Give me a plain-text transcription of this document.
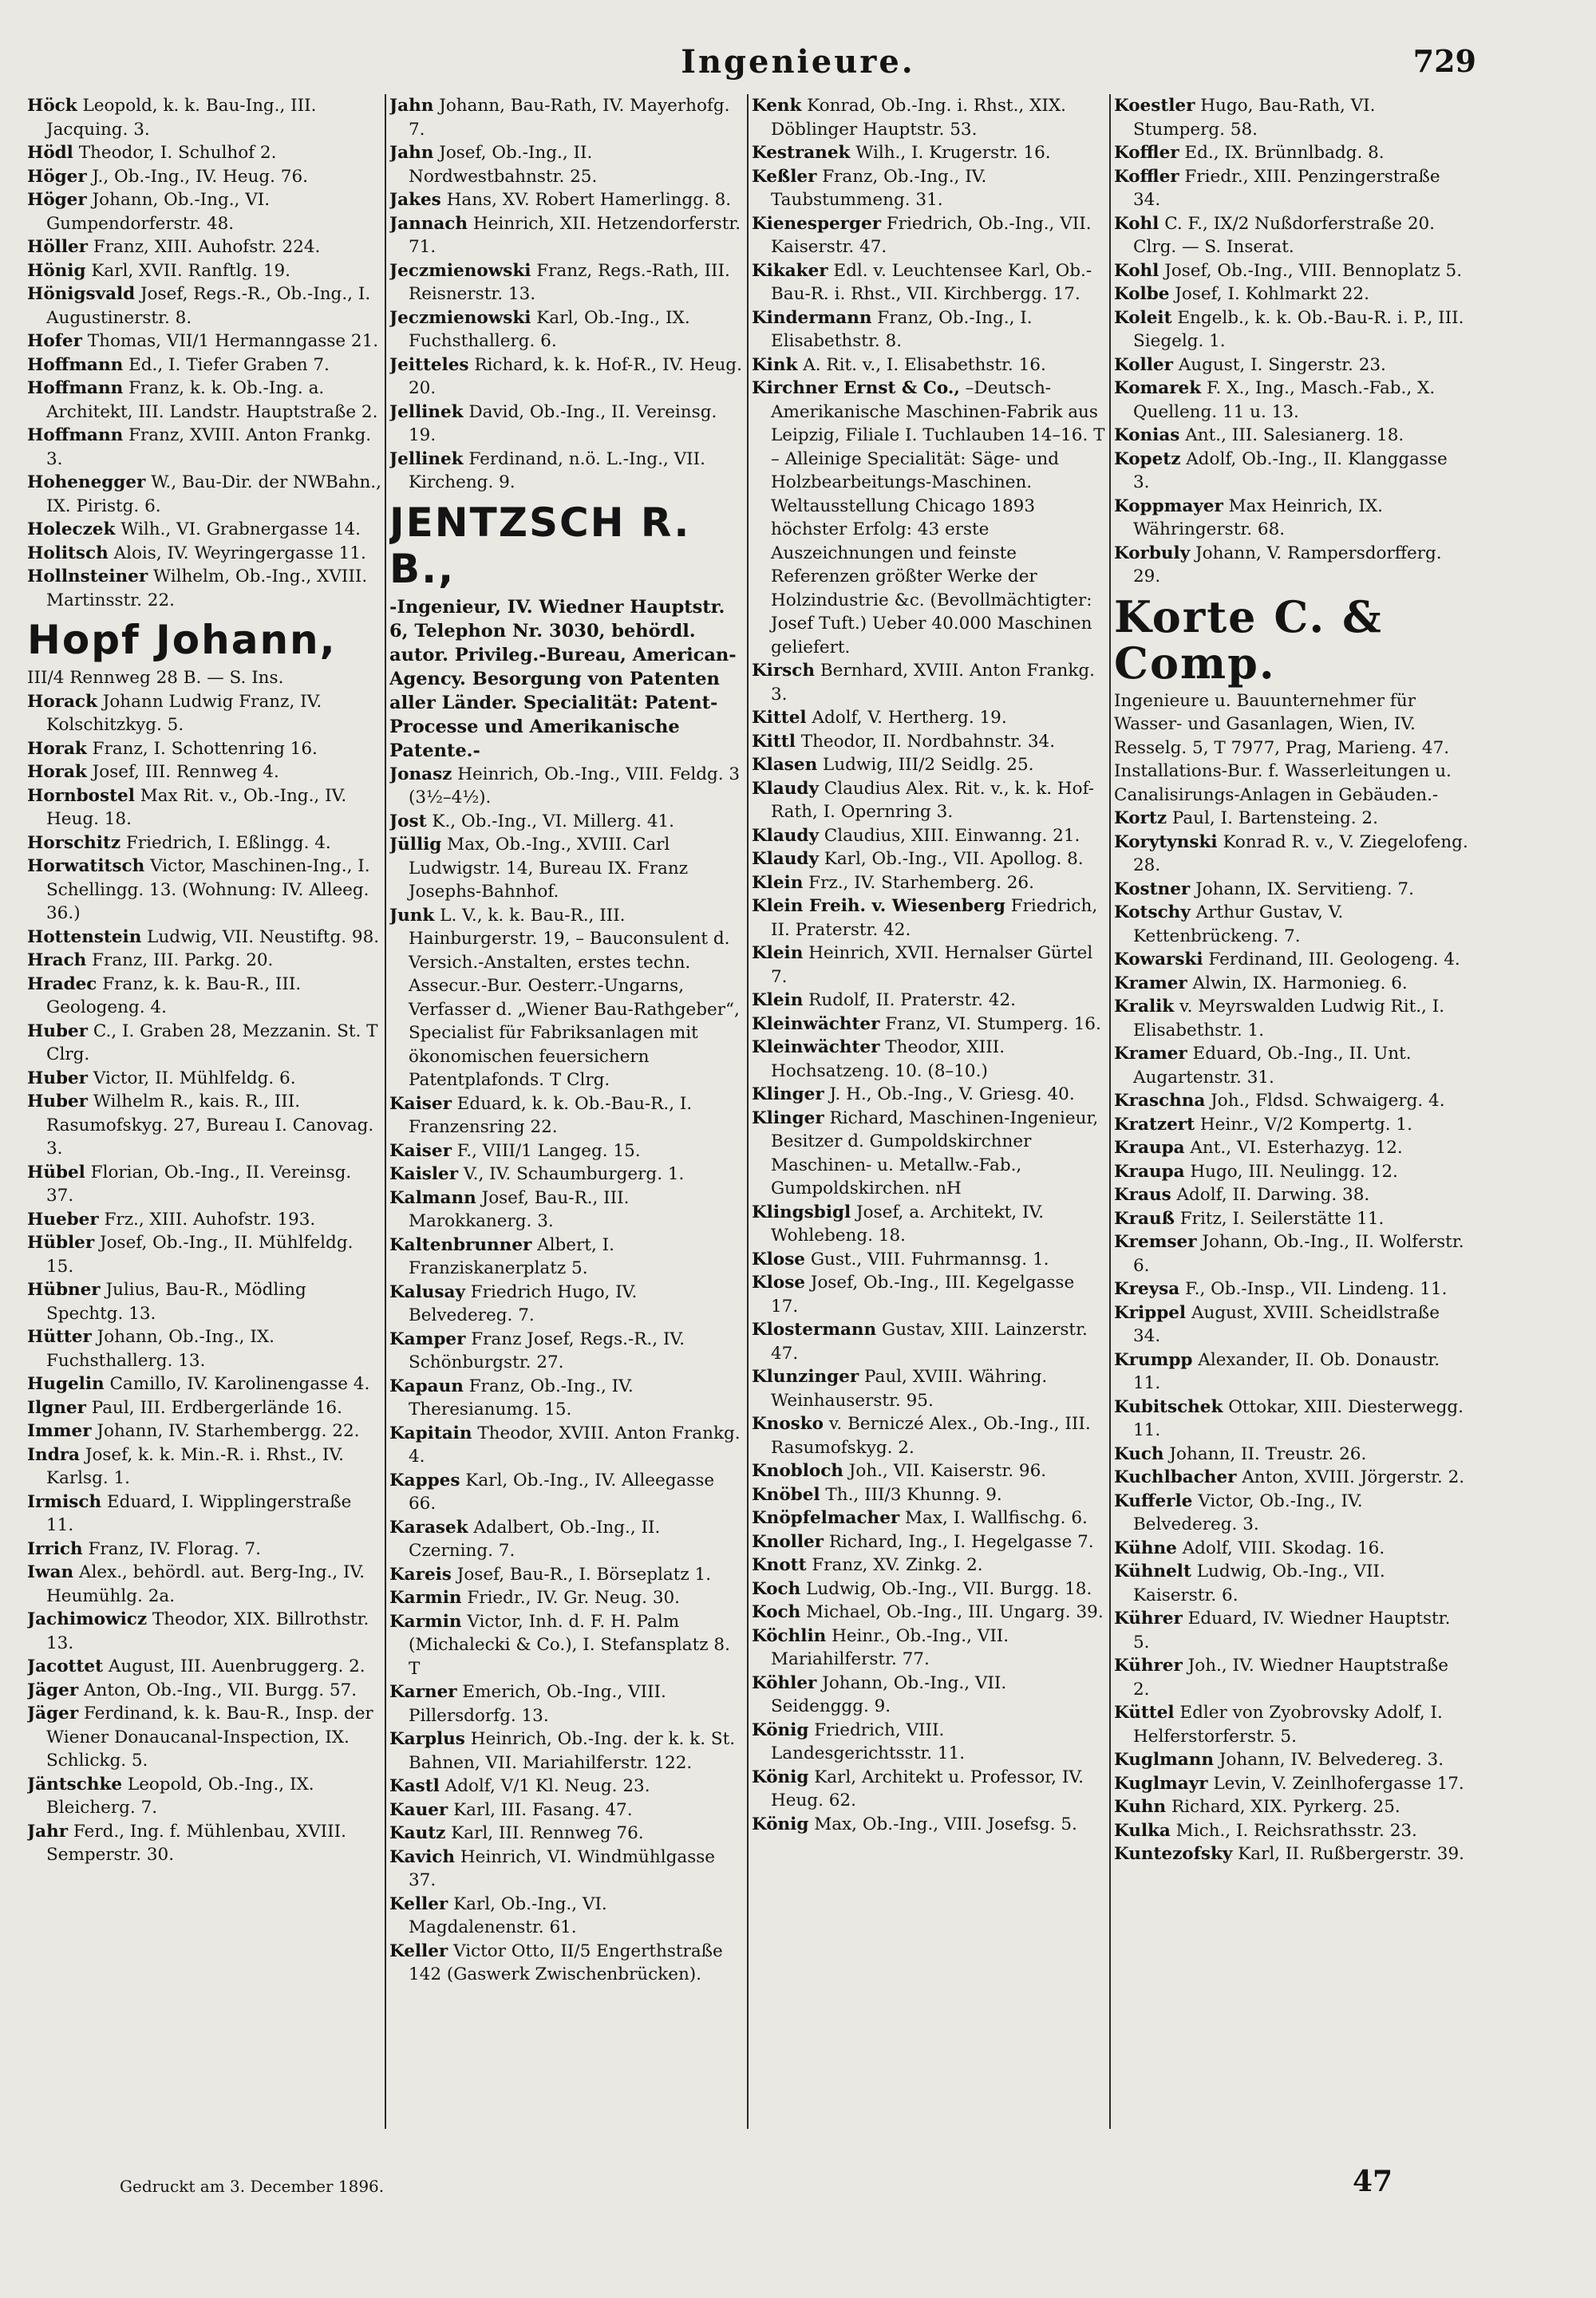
Ingenieure.	729

Höck Leopold, k. k. Bau-Ing., III. Jacquing. 3.

Hödl Theodor, I. Schulhof 2.

Höger J., Ob.-Ing., IV. Heug. 76.

Höger Johann, Ob.-Ing., VI. Gumpendorferstr. 48.

Höller Franz, XIII. Auhofstr. 224.

Hönig Karl, XVII. Ranftlg. 19.

Hönigsvald Josef, Regs.-R., Ob.-Ing., I. Augustinerstr. 8.

Hofer Thomas, VII/1 Hermanngasse 21.

Hoffmann Ed., I. Tiefer Graben 7.

Hoffmann Franz, k. k. Ob.-Ing. a. Architekt, III. Landstr. Hauptstraße 2.

Hoffmann Franz, XVIII. Anton Frankg. 3.

Hohenegger W., Bau-Dir. der NWBahn., IX. Piristg. 6.

Holeczek Wilh., VI. Grabnergasse 14.

Holitsch Alois, IV. Weyringergasse 11.

Hollnsteiner Wilhelm, Ob.-Ing., XVIII. Martinsstr. 22.

Hopf Johann,

III/4 Rennweg 28 B. — S. Ins.

Horack Johann Ludwig Franz, IV. Kolschitzkyg. 5.

Horak Franz, I. Schottenring 16.

Horak Josef, III. Rennweg 4.

Hornbostel Max Rit. v., Ob.-Ing., IV. Heug. 18.

Horschitz Friedrich, I. Eßlingg. 4.

Horwatitsch Victor, Maschinen-Ing., I. Schellingg. 13. (Wohnung: IV. Alleeg. 36.)

Hottenstein Ludwig, VII. Neustiftg. 98.

Hrach Franz, III. Parkg. 20.

Hradec Franz, k. k. Bau-R., III. Geologeng. 4.

Huber C., I. Graben 28, Mezzanin. St. T Clrg.

Huber Victor, II. Mühlfeldg. 6.

Huber Wilhelm R., kais. R., III. Rasumofskyg. 27, Bureau I. Canovag. 3.

Hübel Florian, Ob.-Ing., II. Vereinsg. 37.

Hueber Frz., XIII. Auhofstr. 193.

Hübler Josef, Ob.-Ing., II. Mühlfeldg. 15.

Hübner Julius, Bau-R., Mödling Spechtg. 13.

Hütter Johann, Ob.-Ing., IX. Fuchsthallerg. 13.

Hugelin Camillo, IV. Karolinengasse 4.

Ilgner Paul, III. Erdbergerlände 16.

Immer Johann, IV. Starhembergg. 22.

Indra Josef, k. k. Min.-R. i. Rhst., IV. Karlsg. 1.

Irmisch Eduard, I. Wipplingerstraße 11.

Irrich Franz, IV. Florag. 7.

Iwan Alex., behördl. aut. Berg-Ing., IV. Heumühlg. 2a.

Jachimowicz Theodor, XIX. Billrothstr. 13.

Jacottet August, III. Auenbruggerg. 2.

Jäger Anton, Ob.-Ing., VII. Burgg. 57.

Jäger Ferdinand, k. k. Bau-R., Insp. der Wiener Donaucanal-Inspection, IX. Schlickg. 5.

Jäntschke Leopold, Ob.-Ing., IX. Bleicherg. 7.

Jahr Ferd., Ing. f. Mühlenbau, XVIII. Semperstr. 30.

Jahn Johann, Bau-Rath, IV. Mayerhofg. 7.

Jahn Josef, Ob.-Ing., II. Nordwestbahnstr. 25.

Jakes Hans, XV. Robert Hamerlingg. 8.

Jannach Heinrich, XII. Hetzendorferstr. 71.

Jeczmienowski Franz, Regs.-Rath, III. Reisnerstr. 13.

Jeczmienowski Karl, Ob.-Ing., IX. Fuchsthallerg. 6.

Jeitteles Richard, k. k. Hof-R., IV. Heug. 20.

Jellinek David, Ob.-Ing., II. Vereinsg. 19.

Jellinek Ferdinand, n.ö. L.-Ing., VII. Kircheng. 9.

JENTZSCH R. B.,

-Ingenieur, IV. Wiedner Hauptstr. 6, Telephon Nr. 3030, behördl. autor. Privileg.-Bureau, American-Agency. Besorgung von Patenten aller Länder. Specialität: Patent-Processe und Amerikanische Patente.-

Jonasz Heinrich, Ob.-Ing., VIII. Feldg. 3 (3½–4½).

Jost K., Ob.-Ing., VI. Millerg. 41.

Jüllig Max, Ob.-Ing., XVIII. Carl Ludwigstr. 14, Bureau IX. Franz Josephs-Bahnhof.

Junk L. V., k. k. Bau-R., III. Hainburgerstr. 19, – Bauconsulent d. Versich.-Anstalten, erstes techn. Assecur.-Bur. Oesterr.-Ungarns, Verfasser d. „Wiener Bau-Rathgeber“, Specialist für Fabriksanlagen mit ökonomischen feuersichern Patentplafonds. T Clrg.

Kaiser Eduard, k. k. Ob.-Bau-R., I. Franzensring 22.

Kaiser F., VIII/1 Langeg. 15.

Kaisler V., IV. Schaumburgerg. 1.

Kalmann Josef, Bau-R., III. Marokkanerg. 3.

Kaltenbrunner Albert, I. Franziskanerplatz 5.

Kalusay Friedrich Hugo, IV. Belvedereg. 7.

Kamper Franz Josef, Regs.-R., IV. Schönburgstr. 27.

Kapaun Franz, Ob.-Ing., IV. Theresianumg. 15.

Kapitain Theodor, XVIII. Anton Frankg. 4.

Kappes Karl, Ob.-Ing., IV. Alleegasse 66.

Karasek Adalbert, Ob.-Ing., II. Czerning. 7.

Kareis Josef, Bau-R., I. Börseplatz 1.

Karmin Friedr., IV. Gr. Neug. 30.

Karmin Victor, Inh. d. F. H. Palm (Michalecki & Co.), I. Stefansplatz 8. T

Karner Emerich, Ob.-Ing., VIII. Pillersdorfg. 13.

Karplus Heinrich, Ob.-Ing. der k. k. St. Bahnen, VII. Mariahilferstr. 122.

Kastl Adolf, V/1 Kl. Neug. 23.

Kauer Karl, III. Fasang. 47.

Kautz Karl, III. Rennweg 76.

Kavich Heinrich, VI. Windmühlgasse 37.

Keller Karl, Ob.-Ing., VI. Magdalenenstr. 61.

Keller Victor Otto, II/5 Engerthstraße 142 (Gaswerk Zwischenbrücken).

Kenk Konrad, Ob.-Ing. i. Rhst., XIX. Döblinger Hauptstr. 53.

Kestranek Wilh., I. Krugerstr. 16.

Keßler Franz, Ob.-Ing., IV. Taubstummeng. 31.

Kienesperger Friedrich, Ob.-Ing., VII. Kaiserstr. 47.

Kikaker Edl. v. Leuchtensee Karl, Ob.-Bau-R. i. Rhst., VII. Kirchbergg. 17.

Kindermann Franz, Ob.-Ing., I. Elisabethstr. 8.

Kink A. Rit. v., I. Elisabethstr. 16.

Kirchner Ernst & Co., –Deutsch-Amerikanische Maschinen-Fabrik aus Leipzig, Filiale I. Tuchlauben 14–16. T – Alleinige Specialität: Säge- und Holzbearbeitungs-Maschinen. Weltausstellung Chicago 1893 höchster Erfolg: 43 erste Auszeichnungen und feinste Referenzen größter Werke der Holzindustrie &c. (Bevollmächtigter: Josef Tuft.) Ueber 40.000 Maschinen geliefert.

Kirsch Bernhard, XVIII. Anton Frankg. 3.

Kittel Adolf, V. Hertherg. 19.

Kittl Theodor, II. Nordbahnstr. 34.

Klasen Ludwig, III/2 Seidlg. 25.

Klaudy Claudius Alex. Rit. v., k. k. Hof-Rath, I. Opernring 3.

Klaudy Claudius, XIII. Einwanng. 21.

Klaudy Karl, Ob.-Ing., VII. Apollog. 8.

Klein Frz., IV. Starhemberg. 26.

Klein Freih. v. Wiesenberg Friedrich, II. Praterstr. 42.

Klein Heinrich, XVII. Hernalser Gürtel 7.

Klein Rudolf, II. Praterstr. 42.

Kleinwächter Franz, VI. Stumperg. 16.

Kleinwächter Theodor, XIII. Hochsatzeng. 10. (8–10.)

Klinger J. H., Ob.-Ing., V. Griesg. 40.

Klinger Richard, Maschinen-Ingenieur, Besitzer d. Gumpoldskirchner Maschinen- u. Metallw.-Fab., Gumpoldskirchen. nH

Klingsbigl Josef, a. Architekt, IV. Wohlebeng. 18.

Klose Gust., VIII. Fuhrmannsg. 1.

Klose Josef, Ob.-Ing., III. Kegelgasse 17.

Klostermann Gustav, XIII. Lainzerstr. 47.

Klunzinger Paul, XVIII. Währing. Weinhauserstr. 95.

Knosko v. Berniczé Alex., Ob.-Ing., III. Rasumofskyg. 2.

Knobloch Joh., VII. Kaiserstr. 96.

Knöbel Th., III/3 Khunng. 9.

Knöpfelmacher Max, I. Wallfischg. 6.

Knoller Richard, Ing., I. Hegelgasse 7.

Knott Franz, XV. Zinkg. 2.

Koch Ludwig, Ob.-Ing., VII. Burgg. 18.

Koch Michael, Ob.-Ing., III. Ungarg. 39.

Köchlin Heinr., Ob.-Ing., VII. Mariahilferstr. 77.

Köhler Johann, Ob.-Ing., VII. Seidenggg. 9.

König Friedrich, VIII. Landesgerichtsstr. 11.

König Karl, Architekt u. Professor, IV. Heug. 62.

König Max, Ob.-Ing., VIII. Josefsg. 5.

Koestler Hugo, Bau-Rath, VI. Stumperg. 58.

Koffler Ed., IX. Brünnlbadg. 8.

Koffler Friedr., XIII. Penzingerstraße 34.

Kohl C. F., IX/2 Nußdorferstraße 20. Clrg. — S. Inserat.

Kohl Josef, Ob.-Ing., VIII. Bennoplatz 5.

Kolbe Josef, I. Kohlmarkt 22.

Koleit Engelb., k. k. Ob.-Bau-R. i. P., III. Siegelg. 1.

Koller August, I. Singerstr. 23.

Komarek F. X., Ing., Masch.-Fab., X. Quelleng. 11 u. 13.

Konias Ant., III. Salesianerg. 18.

Kopetz Adolf, Ob.-Ing., II. Klanggasse 3.

Koppmayer Max Heinrich, IX. Währingerstr. 68.

Korbuly Johann, V. Rampersdorfferg. 29.

Korte C. & Comp.

Ingenieure u. Bauunternehmer für Wasser- und Gasanlagen, Wien, IV. Resselg. 5, T 7977, Prag, Marieng. 47. Installations-Bur. f. Wasserleitungen u. Canalisirungs-Anlagen in Gebäuden.-

Kortz Paul, I. Bartensteing. 2.

Korytynski Konrad R. v., V. Ziegelofeng. 28.

Kostner Johann, IX. Servitieng. 7.

Kotschy Arthur Gustav, V. Kettenbrückeng. 7.

Kowarski Ferdinand, III. Geologeng. 4.

Kramer Alwin, IX. Harmonieg. 6.

Kralik v. Meyrswalden Ludwig Rit., I. Elisabethstr. 1.

Kramer Eduard, Ob.-Ing., II. Unt. Augartenstr. 31.

Kraschna Joh., Fldsd. Schwaigerg. 4.

Kratzert Heinr., V/2 Kompertg. 1.

Kraupa Ant., VI. Esterhazyg. 12.

Kraupa Hugo, III. Neulingg. 12.

Kraus Adolf, II. Darwing. 38.

Krauß Fritz, I. Seilerstätte 11.

Kremser Johann, Ob.-Ing., II. Wolferstr. 6.

Kreysa F., Ob.-Insp., VII. Lindeng. 11.

Krippel August, XVIII. Scheidlstraße 34.

Krumpp Alexander, II. Ob. Donaustr. 11.

Kubitschek Ottokar, XIII. Diesterwegg. 11.

Kuch Johann, II. Treustr. 26.

Kuchlbacher Anton, XVIII. Jörgerstr. 2.

Kufferle Victor, Ob.-Ing., IV. Belvedereg. 3.

Kühne Adolf, VIII. Skodag. 16.

Kühnelt Ludwig, Ob.-Ing., VII. Kaiserstr. 6.

Kührer Eduard, IV. Wiedner Hauptstr. 5.

Kührer Joh., IV. Wiedner Hauptstraße 2.

Küttel Edler von Zyobrovsky Adolf, I. Helferstorferstr. 5.

Kuglmann Johann, IV. Belvedereg. 3.

Kuglmayr Levin, V. Zeinlhofergasse 17.

Kuhn Richard, XIX. Pyrkerg. 25.

Kulka Mich., I. Reichsrathsstr. 23.

Kuntezofsky Karl, II. Rußbergerstr. 39.

Gedruckt am 3. December 1896.	47
